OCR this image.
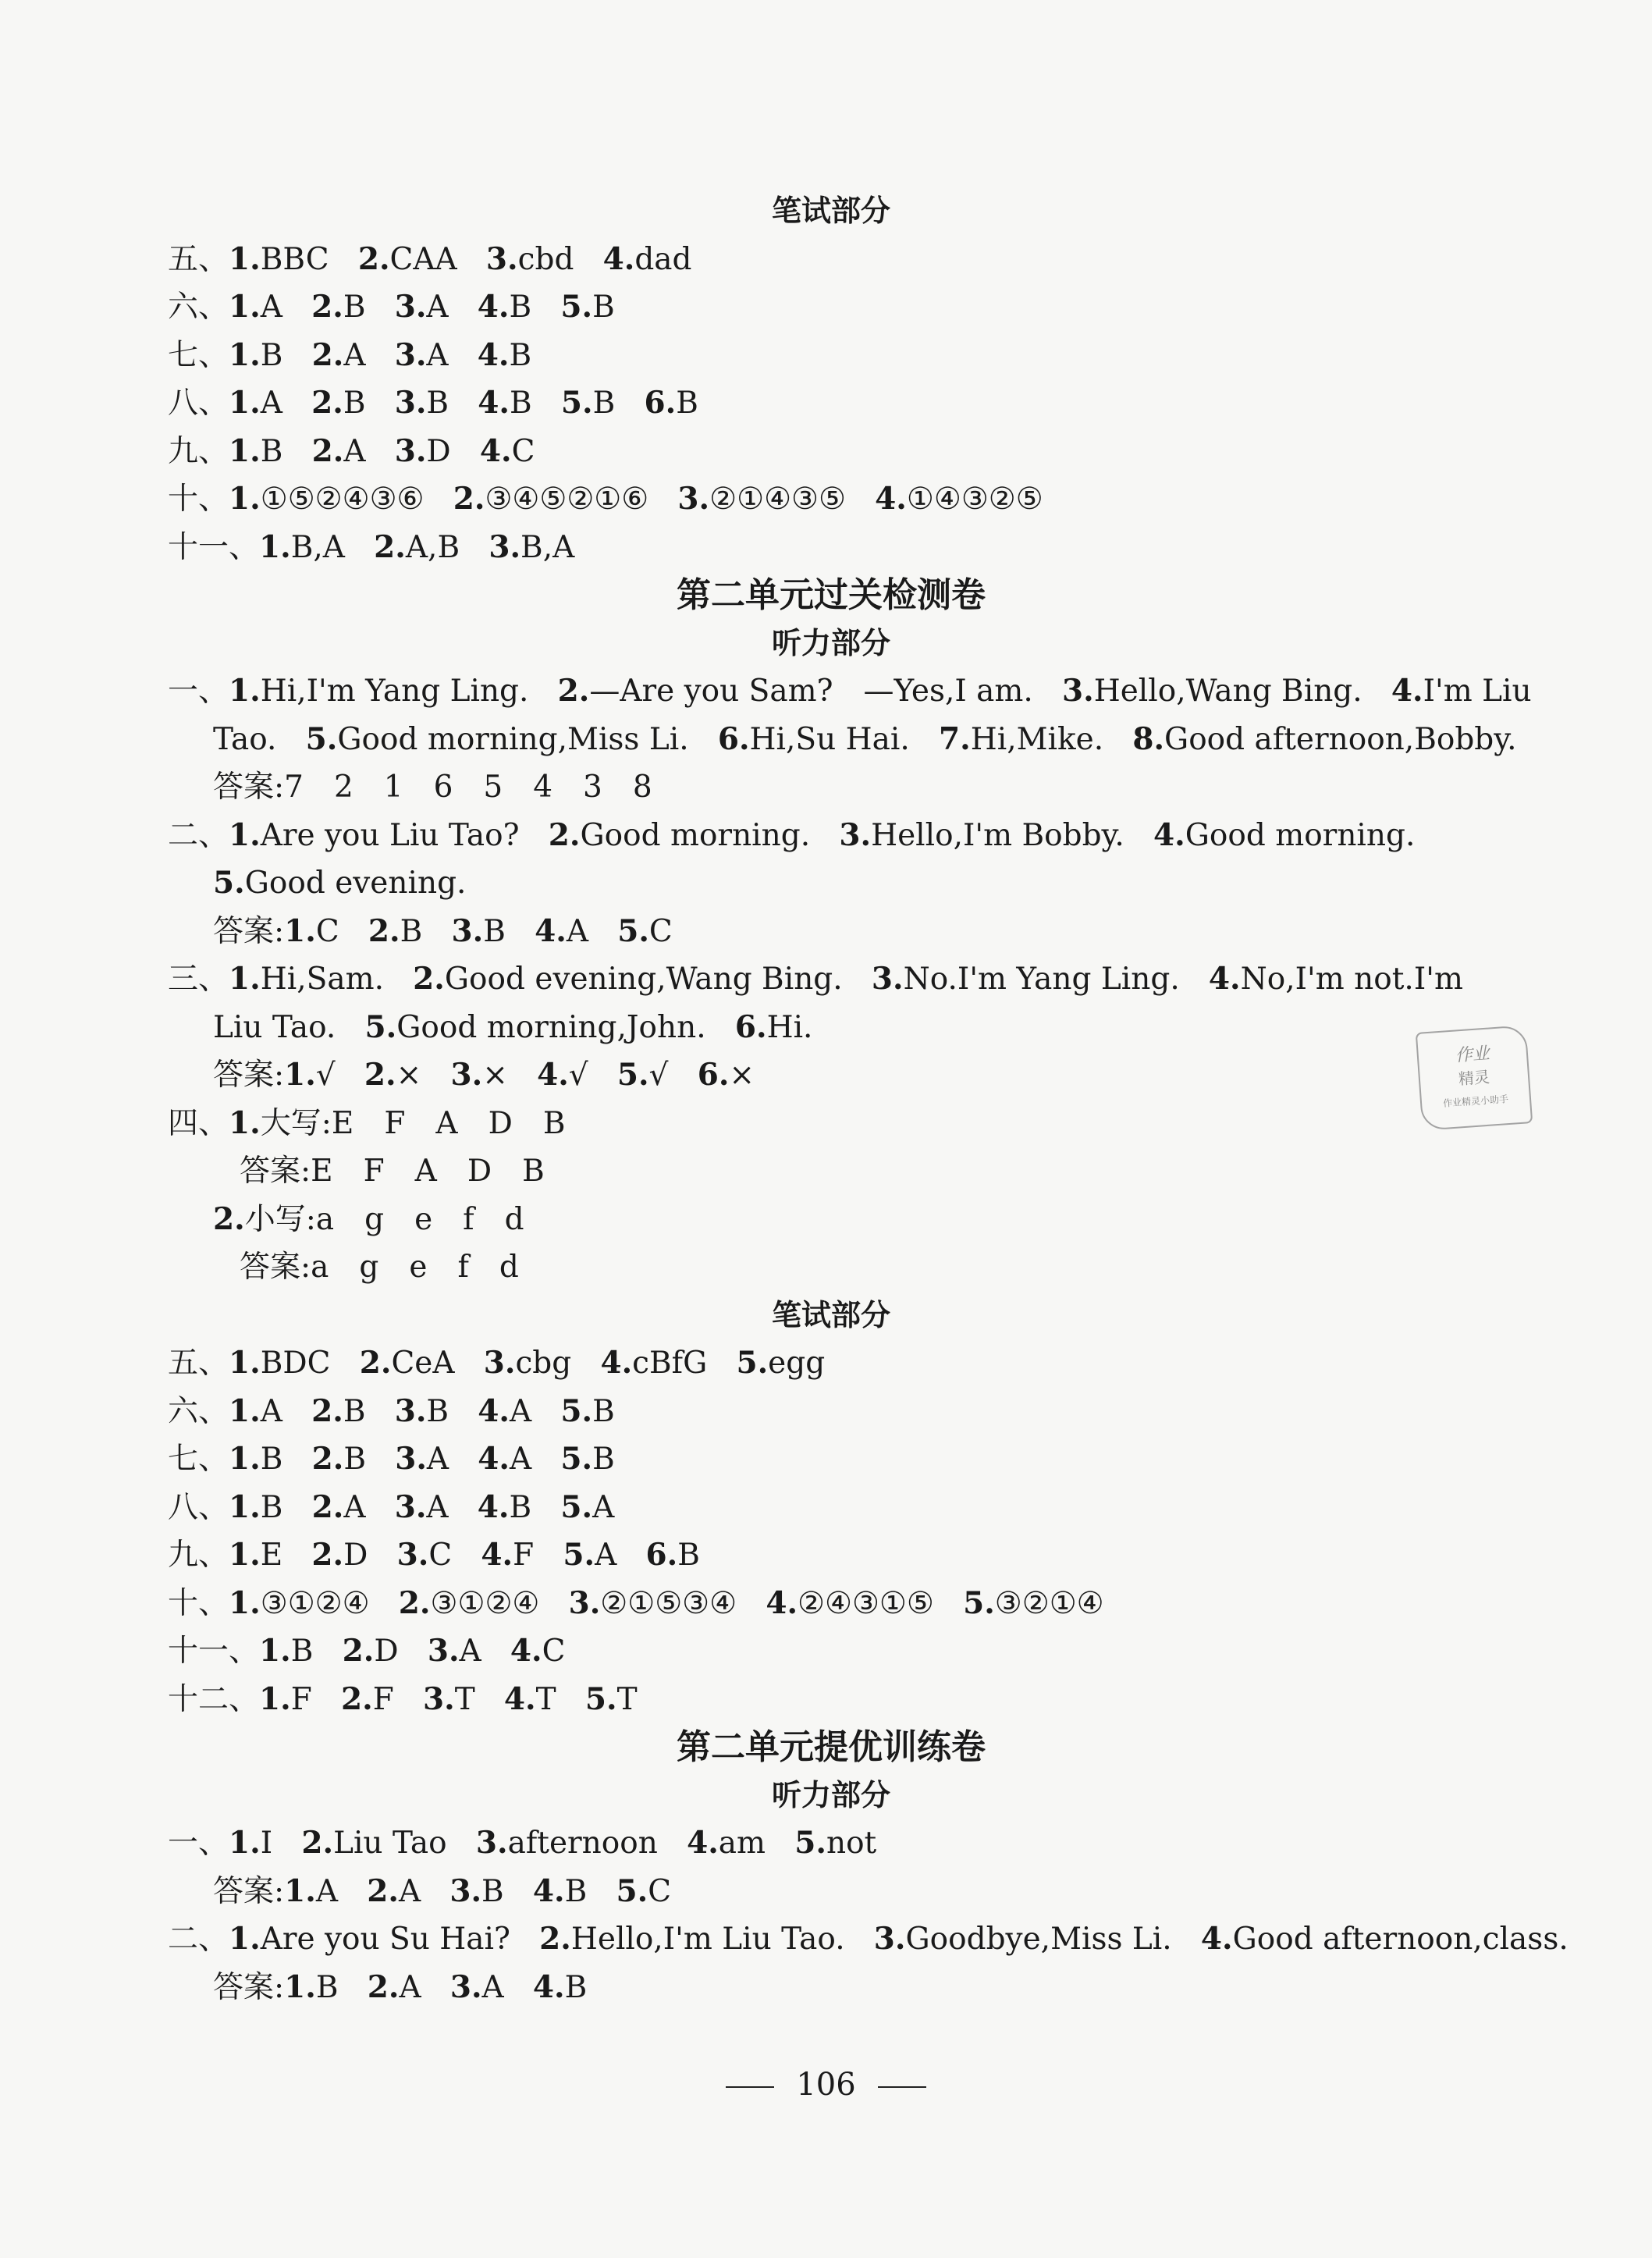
笔试部分
五、1.BBC 2.CAA 3.cbd 4.dad
六、1.A 2.B 3.A 4.B 5.B
七、1.B 2.A 3.A 4.B
八、1.A 2.B 3.B 4.B 5.B 6.B
九、1.B 2.A 3.D 4.C
十、1.①⑤②④③⑥ 2.③④⑤②①⑥ 3.②①④③⑤ 4.①④③②⑤
十一、1.B,A 2.A,B 3.B,A
第二单元过关检测卷
听力部分
一、1.Hi,I'm Yang Ling. 2.—Are you Sam?　—Yes,I am. 3.Hello,Wang Bing. 4.I'm Liu
Tao. 5.Good morning,Miss Li. 6.Hi,Su Hai. 7.Hi,Mike. 8.Good afternoon,Bobby.
答案:7　2　1　6　5　4　3　8
二、1.Are you Liu Tao? 2.Good morning. 3.Hello,I'm Bobby. 4.Good morning.
5.Good evening.
答案:1.C 2.B 3.B 4.A 5.C
三、1.Hi,Sam. 2.Good evening,Wang Bing. 3.No.I'm Yang Ling. 4.No,I'm not.I'm
Liu Tao. 5.Good morning,John. 6.Hi.
答案:1.√ 2.× 3.× 4.√ 5.√ 6.×
四、1.大写:E　F　A　D　B
答案:E　F　A　D　B
2.小写:a　g　e　f　d
答案:a　g　e　f　d
笔试部分
五、1.BDC 2.CeA 3.cbg 4.cBfG 5.egg
六、1.A 2.B 3.B 4.A 5.B
七、1.B 2.B 3.A 4.A 5.B
八、1.B 2.A 3.A 4.B 5.A
九、1.E 2.D 3.C 4.F 5.A 6.B
十、1.③①②④ 2.③①②④ 3.②①⑤③④ 4.②④③①⑤ 5.③②①④
十一、1.B 2.D 3.A 4.C
十二、1.F 2.F 3.T 4.T 5.T
第二单元提优训练卷
听力部分
一、1.I 2.Liu Tao 3.afternoon 4.am 5.not
答案:1.A 2.A 3.B 4.B 5.C
二、1.Are you Su Hai? 2.Hello,I'm Liu Tao. 3.Goodbye,Miss Li. 4.Good afternoon,class.
答案:1.B 2.A 3.A 4.B
作业
精灵
作业精灵小助手
106
